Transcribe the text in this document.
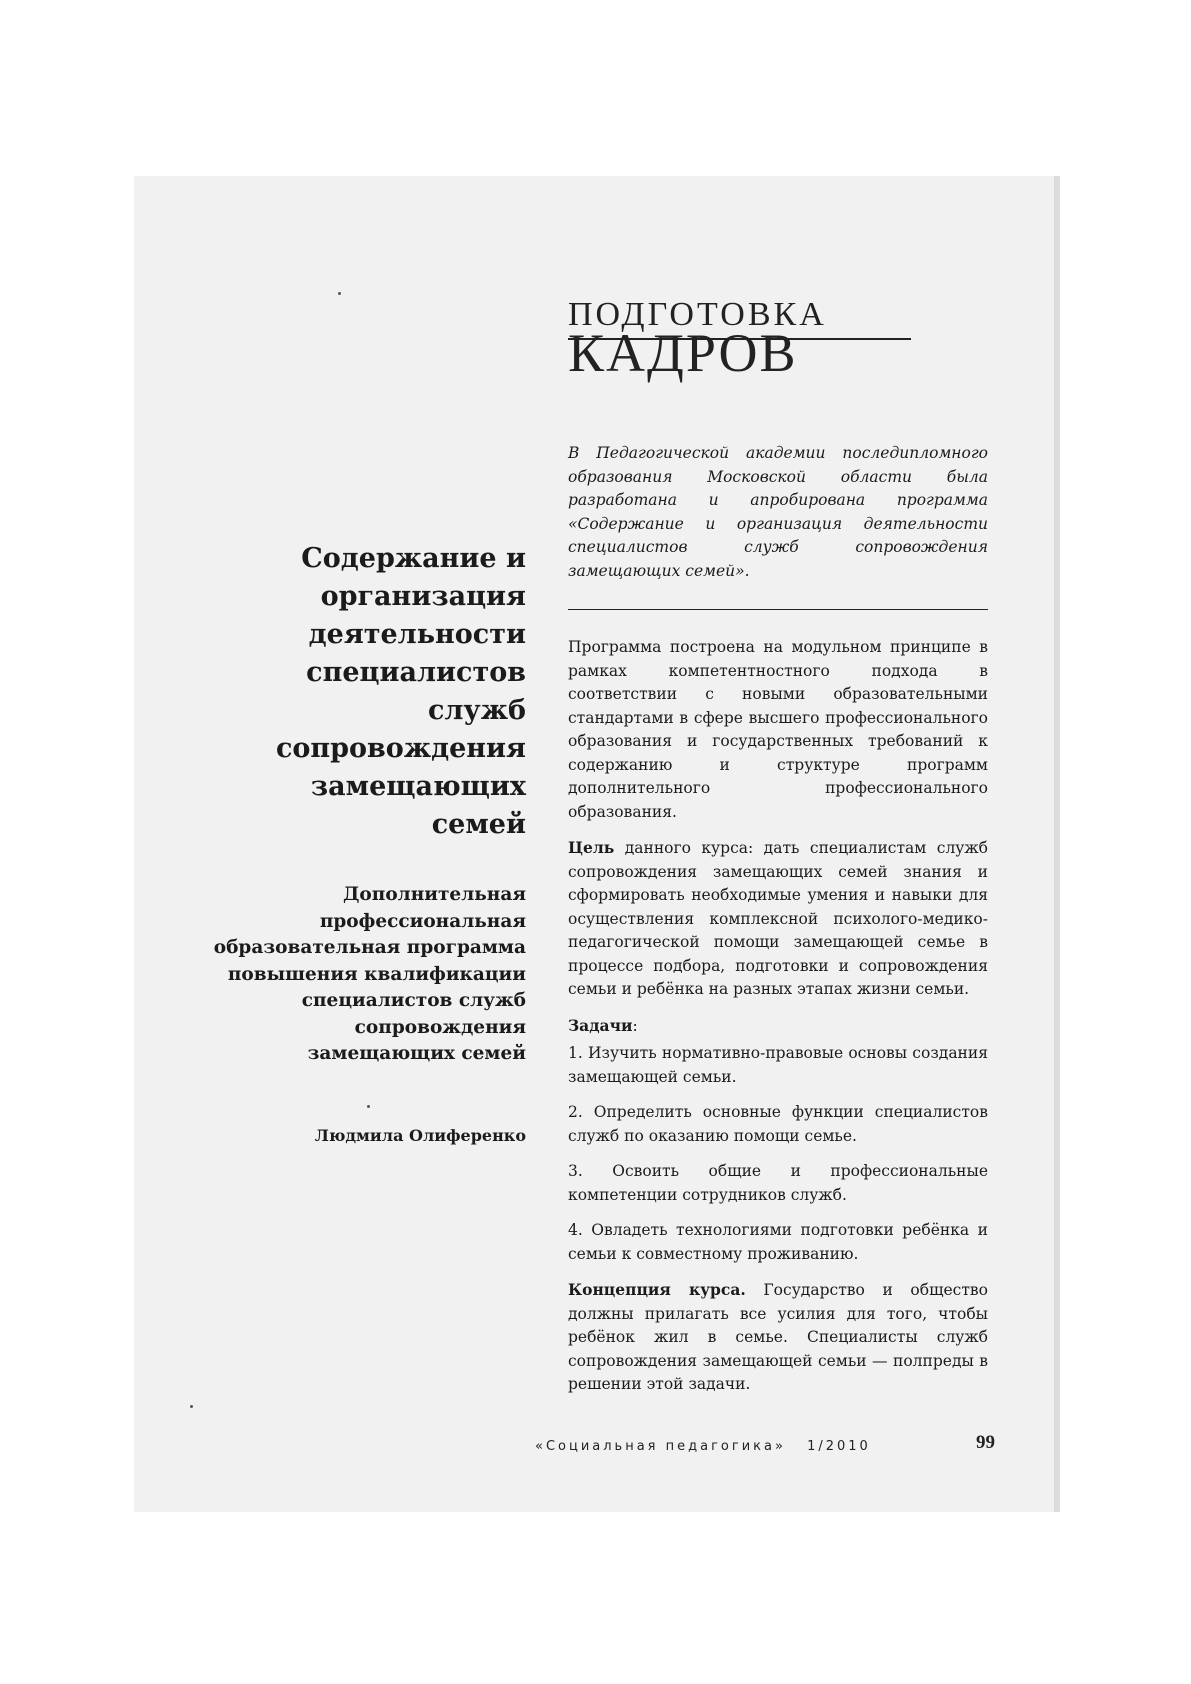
ПОДГОТОВКА
КАДРОВ
Содержание и организация деятельности специалистов служб сопровождения замещающих семей
Дополнительная профессиональная образовательная программа повышения квалификации специалистов служб сопровождения замещающих семей
Людмила Олиференко

В Педагогической академии последипломного образования Московской области была разработана и апробирована программа «Содержание и организация деятельности специалистов служб сопровождения замещающих семей».

Программа построена на модульном принципе в рамках компетентностного подхода в соответствии с новыми образовательными стандартами в сфере высшего профессионального образования и государственных требований к содержанию и структуре программ дополнительного профессионального образования.

Цель данного курса: дать специалистам служб сопровождения замещающих семей знания и сформировать необходимые умения и навыки для осуществления комплексной психолого-медико-педагогической помощи замещающей семье в процессе подбора, подготовки и сопровождения семьи и ребёнка на разных этапах жизни семьи.

Задачи:

1. Изучить нормативно-правовые основы создания замещающей семьи.

2. Определить основные функции специалистов служб по оказанию помощи семье.

3. Освоить общие и профессиональные компетенции сотрудников служб.

4. Овладеть технологиями подготовки ребёнка и семьи к совместному проживанию.

Концепция курса. Государство и общество должны прилагать все усилия для того, чтобы ребёнок жил в семье. Специалисты служб сопровождения замещающей семьи — полпреды в решении этой задачи.

«Социальная педагогика» 1/2010	99
